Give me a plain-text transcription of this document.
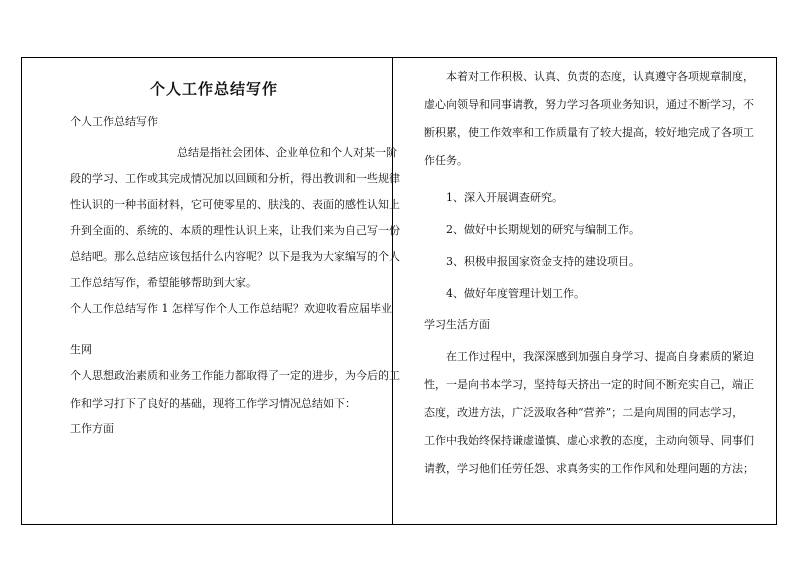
个人工作总结写作
个人工作总结写作
总结是指社会团体、企业单位和个人对某一阶
段的学习、工作或其完成情况加以回顾和分析，得出教训和一些规律
性认识的一种书面材料，它可使零星的、肤浅的、表面的感性认知上
升到全面的、系统的、本质的理性认识上来，让我们来为自己写一份
总结吧。那么总结应该包括什么内容呢？以下是我为大家编写的个人
工作总结写作，希望能够帮助到大家。
个人工作总结写作 1 怎样写作个人工作总结呢？欢迎收看应届毕业
生网
个人思想政治素质和业务工作能力都取得了一定的进步，为今后的工
作和学习打下了良好的基础，现将工作学习情况总结如下：
工作方面
本着对工作积极、认真、负责的态度，认真遵守各项规章制度，
虚心向领导和同事请教，努力学习各项业务知识，通过不断学习，不
断积累，使工作效率和工作质量有了较大提高，较好地完成了各项工
作任务。
1、深入开展调查研究。
2、做好中长期规划的研究与编制工作。
3、积极申报国家资金支持的建设项目。
4、做好年度管理计划工作。
学习生活方面
在工作过程中，我深深感到加强自身学习、提高自身素质的紧迫
性，一是向书本学习，坚持每天挤出一定的时间不断充实自己，端正
态度，改进方法，广泛汲取各种“营养”；二是向周围的同志学习，
工作中我始终保持谦虚谨慎、虚心求教的态度，主动向领导、同事们
请教，学习他们任劳任怨、求真务实的工作作风和处理问题的方法；
